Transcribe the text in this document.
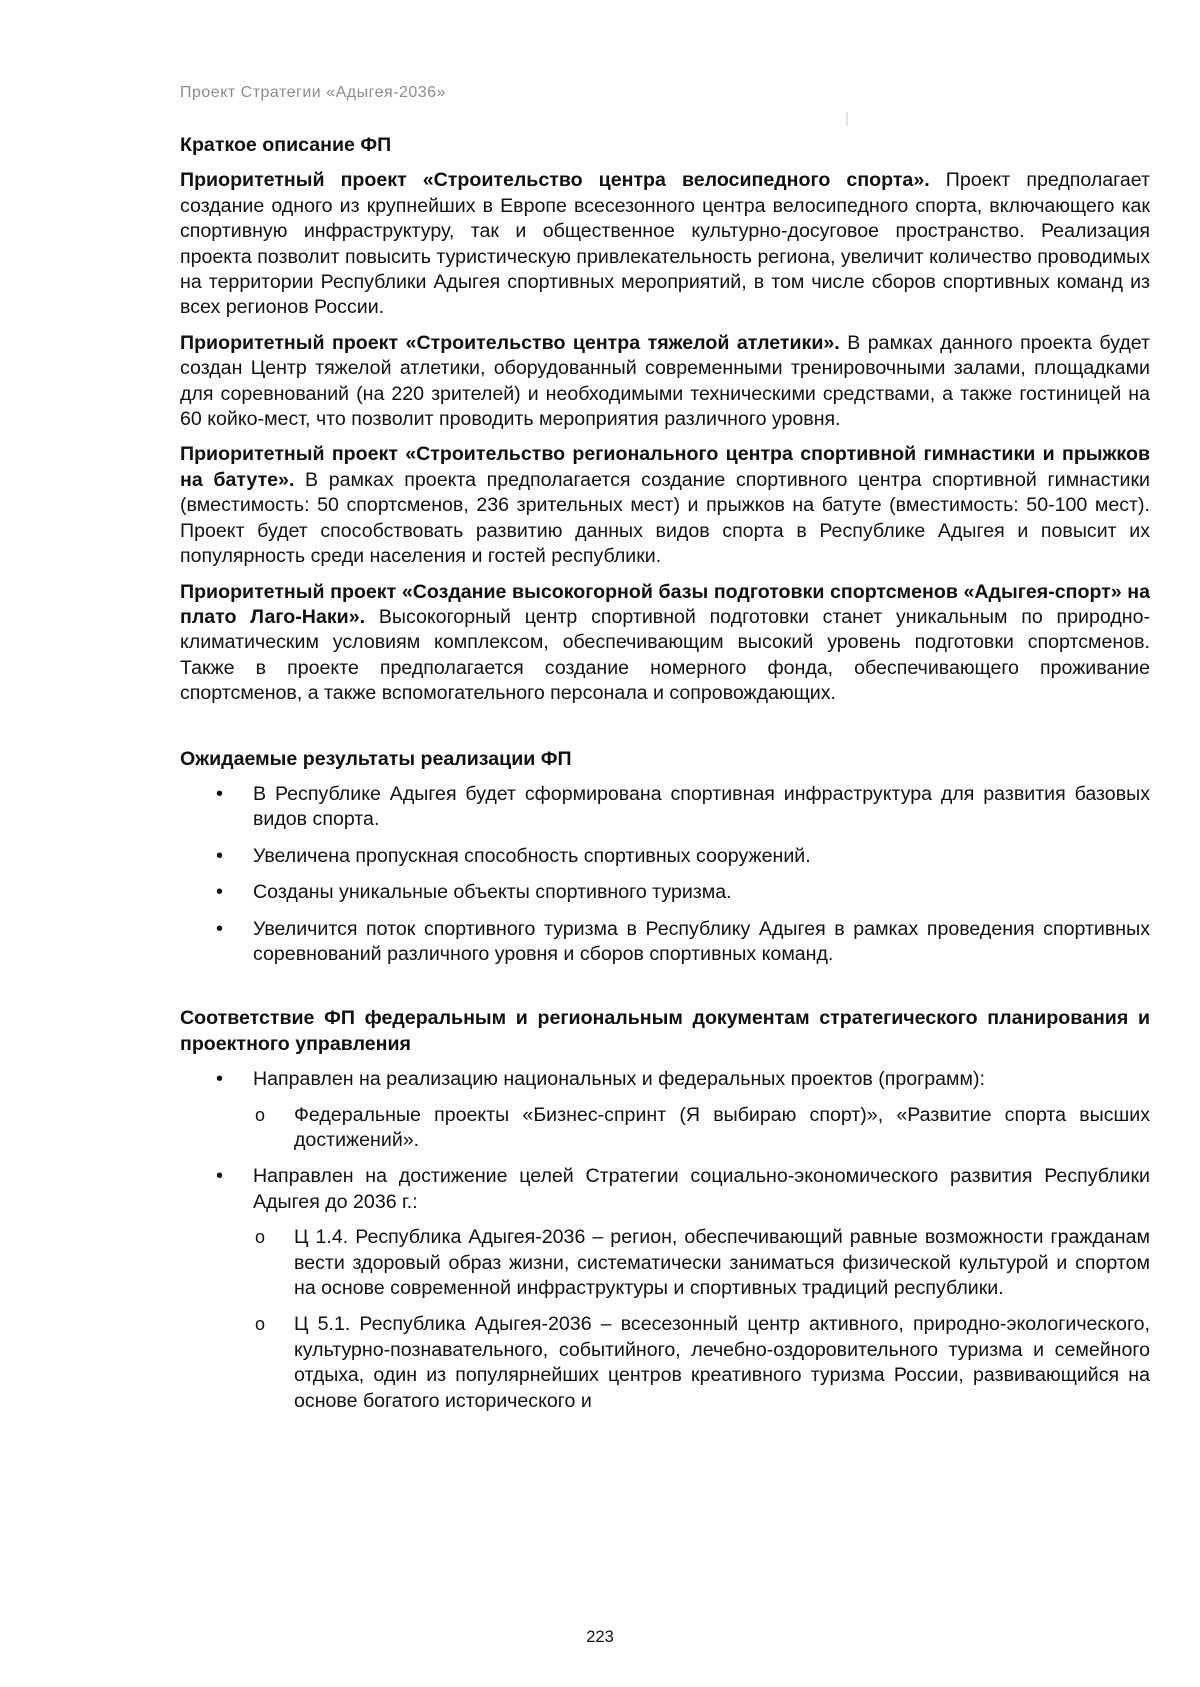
Проект Стратегии «Адыгея-2036»

Краткое описание ФП

Приоритетный проект «Строительство центра велосипедного спорта». Проект предполагает создание одного из крупнейших в Европе всесезонного центра велосипедного спорта, включающего как спортивную инфраструктуру, так и общественное культурно-досуговое пространство. Реализация проекта позволит повысить туристическую привлекательность региона, увеличит количество проводимых на территории Республики Адыгея спортивных мероприятий, в том числе сборов спортивных команд из всех регионов России.

Приоритетный проект «Строительство центра тяжелой атлетики». В рамках данного проекта будет создан Центр тяжелой атлетики, оборудованный современными тренировочными залами, площадками для соревнований (на 220 зрителей) и необходимыми техническими средствами, а также гостиницей на 60 койко-мест, что позволит проводить мероприятия различного уровня.

Приоритетный проект «Строительство регионального центра спортивной гимнастики и прыжков на батуте». В рамках проекта предполагается создание спортивного центра спортивной гимнастики (вместимость: 50 спортсменов, 236 зрительных мест) и прыжков на батуте (вместимость: 50-100 мест). Проект будет способствовать развитию данных видов спорта в Республике Адыгея и повысит их популярность среди населения и гостей республики.

Приоритетный проект «Создание высокогорной базы подготовки спортсменов «Адыгея-спорт» на плато Лаго-Наки». Высокогорный центр спортивной подготовки станет уникальным по природно-климатическим условиям комплексом, обеспечивающим высокий уровень подготовки спортсменов. Также в проекте предполагается создание номерного фонда, обеспечивающего проживание спортсменов, а также вспомогательного персонала и сопровождающих.

Ожидаемые результаты реализации ФП

• В Республике Адыгея будет сформирована спортивная инфраструктура для развития базовых видов спорта.
• Увеличена пропускная способность спортивных сооружений.
• Созданы уникальные объекты спортивного туризма.
• Увеличится поток спортивного туризма в Республику Адыгея в рамках проведения спортивных соревнований различного уровня и сборов спортивных команд.

Соответствие ФП федеральным и региональным документам стратегического планирования и проектного управления

• Направлен на реализацию национальных и федеральных проектов (программ):
o Федеральные проекты «Бизнес-спринт (Я выбираю спорт)», «Развитие спорта высших достижений».
• Направлен на достижение целей Стратегии социально-экономического развития Республики Адыгея до 2036 г.:
o Ц 1.4. Республика Адыгея-2036 – регион, обеспечивающий равные возможности гражданам вести здоровый образ жизни, систематически заниматься физической культурой и спортом на основе современной инфраструктуры и спортивных традиций республики.
o Ц 5.1. Республика Адыгея-2036 – всесезонный центр активного, природно-экологического, культурно-познавательного, событийного, лечебно-оздоровительного туризма и семейного отдыха, один из популярнейших центров креативного туризма России, развивающийся на основе богатого исторического и
223
